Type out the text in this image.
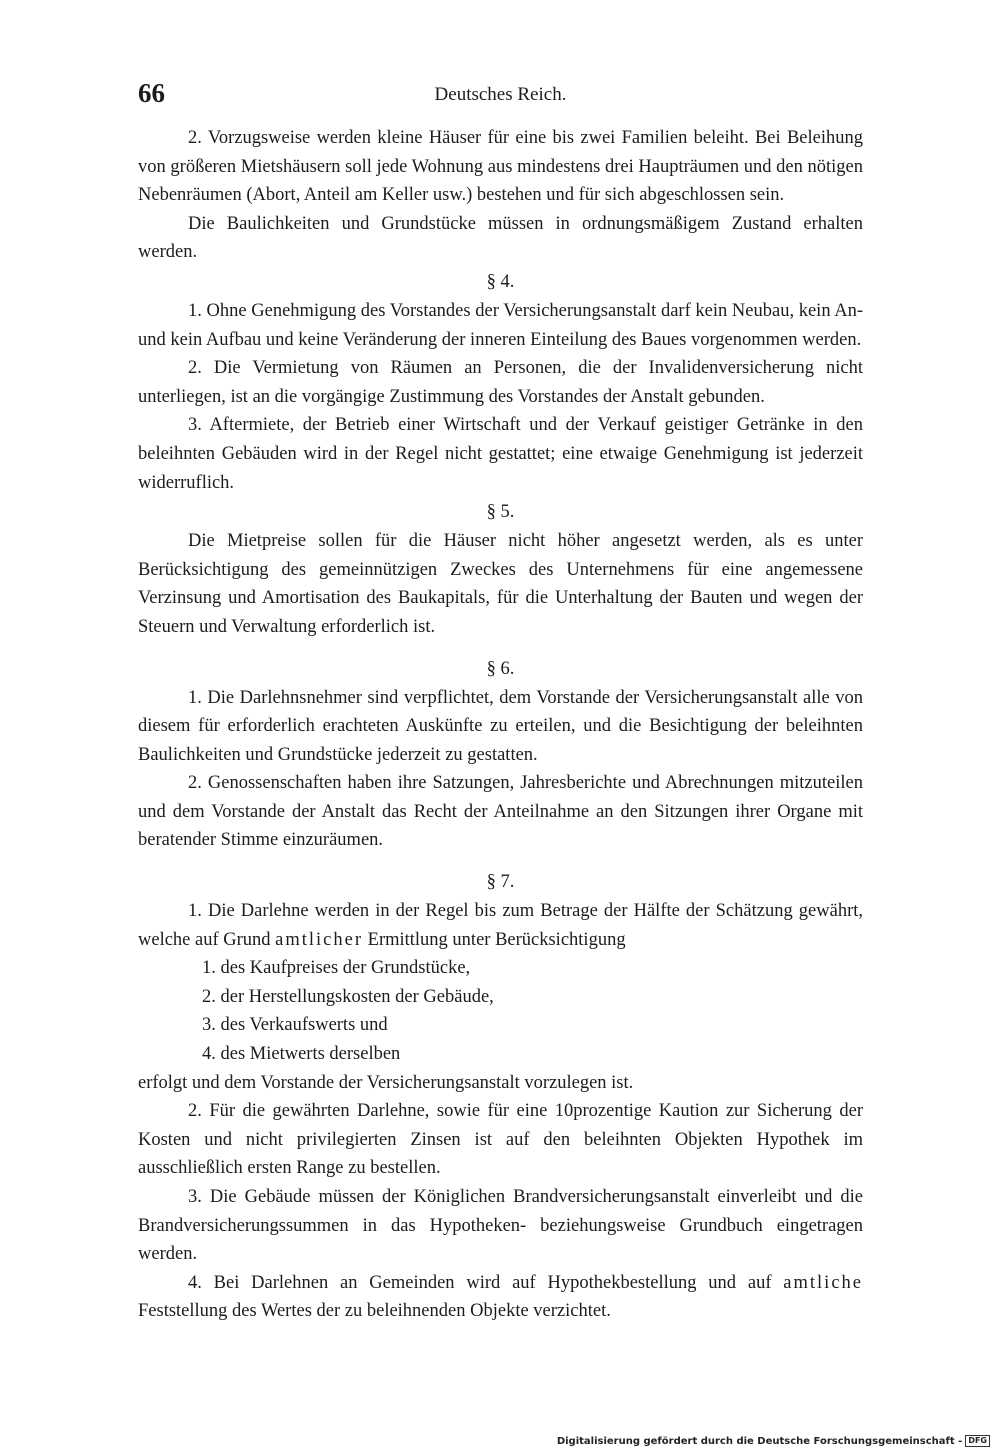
66	Deutsches Reich.

2. Vorzugsweise werden kleine Häuser für eine bis zwei Familien beleiht. Bei Beleihung von größeren Mietshäusern soll jede Wohnung aus mindestens drei Haupträumen und den nötigen Nebenräumen (Abort, Anteil am Keller usw.) bestehen und für sich abgeschlossen sein.

Die Baulichkeiten und Grundstücke müssen in ordnungsmäßigem Zustand erhalten werden.

§ 4.

1. Ohne Genehmigung des Vorstandes der Versicherungsanstalt darf kein Neubau, kein An- und kein Aufbau und keine Veränderung der inneren Einteilung des Baues vorgenommen werden.

2. Die Vermietung von Räumen an Personen, die der Invalidenversicherung nicht unterliegen, ist an die vorgängige Zustimmung des Vorstandes der Anstalt gebunden.

3. Aftermiete, der Betrieb einer Wirtschaft und der Verkauf geistiger Getränke in den beleihnten Gebäuden wird in der Regel nicht gestattet; eine etwaige Genehmigung ist jederzeit widerruflich.

§ 5.

Die Mietpreise sollen für die Häuser nicht höher angesetzt werden, als es unter Berücksichtigung des gemeinnützigen Zweckes des Unternehmens für eine angemessene Verzinsung und Amortisation des Baukapitals, für die Unterhaltung der Bauten und wegen der Steuern und Verwaltung erforderlich ist.

§ 6.

1. Die Darlehnsnehmer sind verpflichtet, dem Vorstande der Versicherungsanstalt alle von diesem für erforderlich erachteten Auskünfte zu erteilen, und die Besichtigung der beleihnten Baulichkeiten und Grundstücke jederzeit zu gestatten.

2. Genossenschaften haben ihre Satzungen, Jahresberichte und Abrechnungen mitzuteilen und dem Vorstande der Anstalt das Recht der Anteilnahme an den Sitzungen ihrer Organe mit beratender Stimme einzuräumen.

§ 7.

1. Die Darlehne werden in der Regel bis zum Betrage der Hälfte der Schätzung gewährt, welche auf Grund amtlicher Ermittlung unter Berücksichtigung

1. des Kaufpreises der Grundstücke,
2. der Herstellungskosten der Gebäude,
3. des Verkaufswerts und
4. des Mietwerts derselben

erfolgt und dem Vorstande der Versicherungsanstalt vorzulegen ist.

2. Für die gewährten Darlehne, sowie für eine 10prozentige Kaution zur Sicherung der Kosten und nicht privilegierten Zinsen ist auf den beleihnten Objekten Hypothek im ausschließlich ersten Range zu bestellen.

3. Die Gebäude müssen der Königlichen Brandversicherungsanstalt einverleibt und die Brandversicherungssummen in das Hypotheken- beziehungsweise Grundbuch eingetragen werden.

4. Bei Darlehnen an Gemeinden wird auf Hypothekbestellung und auf amtliche Feststellung des Wertes der zu beleihnenden Objekte verzichtet.

Digitalisierung gefördert durch die Deutsche Forschungsgemeinschaft - DFG
